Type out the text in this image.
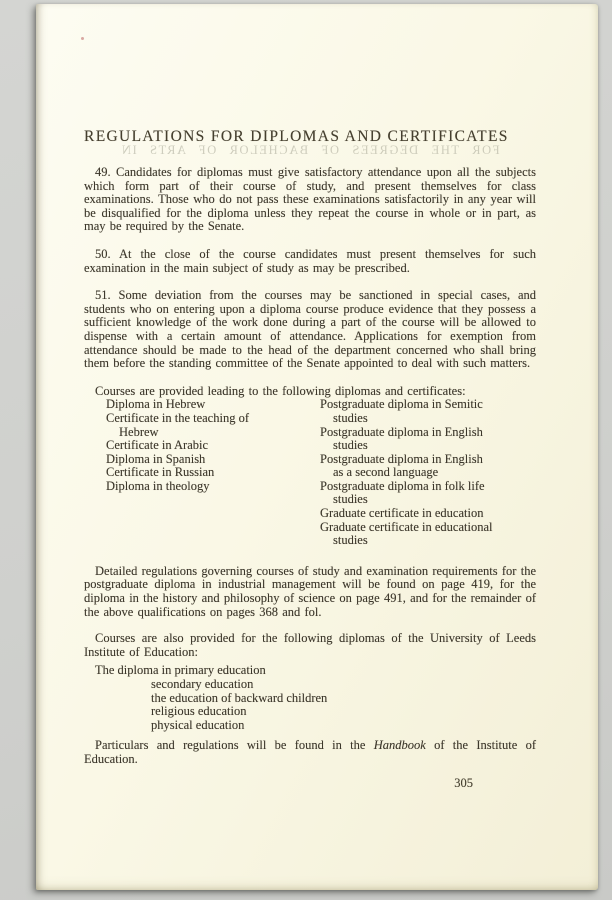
REGULATIONS FOR DIPLOMAS AND CERTIFICATES
FOR THE DEGREES OF BACHELOR OF ARTS IN

49. Candidates for diplomas must give satisfactory attendance upon all the subjects which form part of their course of study, and present themselves for class examinations. Those who do not pass these examinations satisfactorily in any year will be disqualified for the diploma unless they repeat the course in whole or in part, as may be required by the Senate.

50. At the close of the course candidates must present themselves for such examination in the main subject of study as may be prescribed.

51. Some deviation from the courses may be sanctioned in special cases, and students who on entering upon a diploma course produce evidence that they possess a sufficient knowledge of the work done during a part of the course will be allowed to dispense with a certain amount of attendance. Applications for exemption from attendance should be made to the head of the department concerned who shall bring them before the standing committee of the Senate appointed to deal with such matters.

Courses are provided leading to the following diplomas and certificates:

Diploma in Hebrew
Certificate in the teaching of
Hebrew
Certificate in Arabic
Diploma in Spanish
Certificate in Russian
Diploma in theology
Postgraduate diploma in Semitic
studies
Postgraduate diploma in English
studies
Postgraduate diploma in English
as a second language
Postgraduate diploma in folk life
studies
Graduate certificate in education
Graduate certificate in educational
studies

Detailed regulations governing courses of study and examination requirements for the postgraduate diploma in industrial management will be found on page 419, for the diploma in the history and philosophy of science on page 491, and for the remainder of the above qualifications on pages 368 and fol.

Courses are also provided for the following diplomas of the University of Leeds Institute of Education:

The diploma in primary education
secondary education
the education of backward children
religious education
physical education

Particulars and regulations will be found in the Handbook of the Institute of Education.

305
